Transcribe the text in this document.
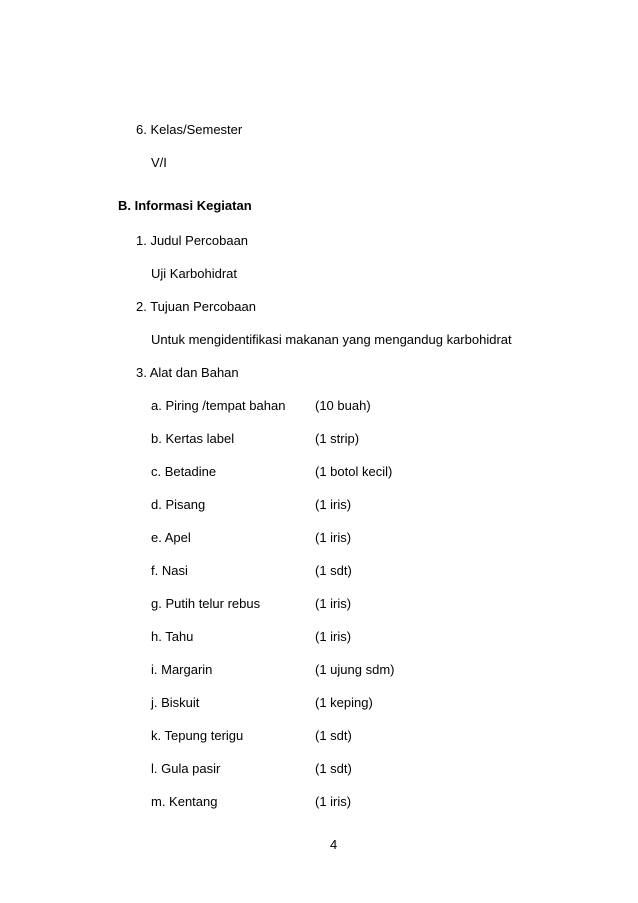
6. Kelas/Semester
V/I
B. Informasi Kegiatan
1. Judul Percobaan
Uji Karbohidrat
2. Tujuan Percobaan
Untuk mengidentifikasi makanan yang mengandug karbohidrat
3. Alat dan Bahan
a. Piring /tempat bahan (10 buah)
b. Kertas label	(1 strip)
c. Betadine	(1 botol kecil)
d. Pisang	(1 iris)
e. Apel	(1 iris)
f. Nasi	(1 sdt)
g. Putih telur rebus	(1 iris)
h. Tahu	(1 iris)
i. Margarin	(1 ujung sdm)
j. Biskuit	(1 keping)
k. Tepung terigu	(1 sdt)
l. Gula pasir	(1 sdt)
m. Kentang	(1 iris)
4
